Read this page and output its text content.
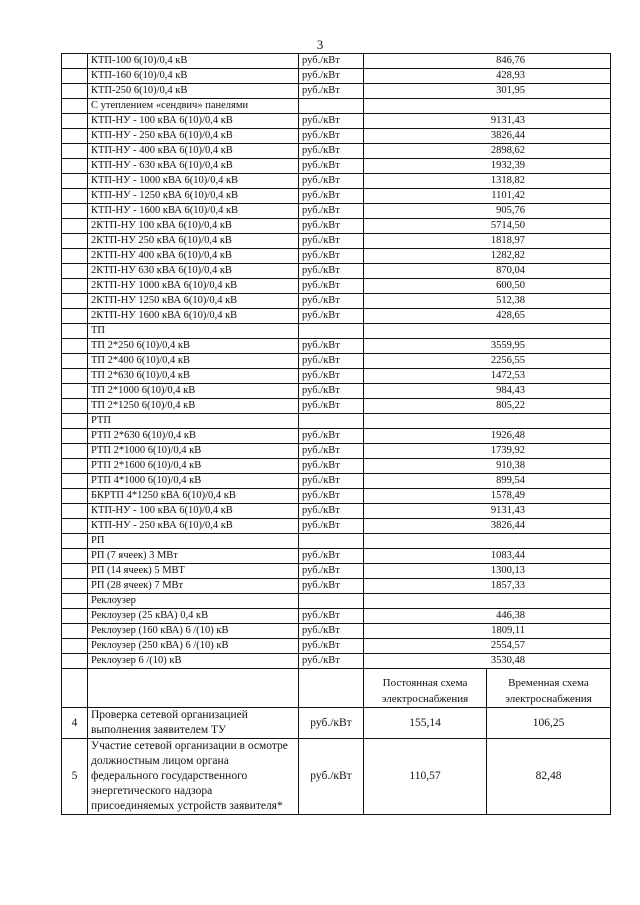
3
	КТП-100 6(10)/0,4 кВ	руб./кВт	846,76	
	КТП-160 6(10)/0,4 кВ	руб./кВт	428,93	
	КТП-250 6(10)/0,4 кВ	руб./кВт	301,95	
	С утеплением «сендвич» панелями			
	КТП-НУ - 100 кВА 6(10)/0,4 кВ	руб./кВт	9131,43	
	КТП-НУ - 250 кВА 6(10)/0,4 кВ	руб./кВт	3826,44	
	КТП-НУ - 400 кВА 6(10)/0,4 кВ	руб./кВт	2898,62	
	КТП-НУ - 630 кВА 6(10)/0,4 кВ	руб./кВт	1932,39	
	КТП-НУ - 1000 кВА 6(10)/0,4 кВ	руб./кВт	1318,82	
	КТП-НУ - 1250 кВА 6(10)/0,4 кВ	руб./кВт	1101,42	
	КТП-НУ - 1600 кВА 6(10)/0,4 кВ	руб./кВт	905,76	
	2КТП-НУ 100 кВА 6(10)/0,4 кВ	руб./кВт	5714,50	
	2КТП-НУ 250 кВА 6(10)/0,4 кВ	руб./кВт	1818,97	
	2КТП-НУ 400 кВА 6(10)/0,4 кВ	руб./кВт	1282,82	
	2КТП-НУ 630 кВА 6(10)/0,4 кВ	руб./кВт	870,04	
	2КТП-НУ 1000 кВА 6(10)/0,4 кВ	руб./кВт	600,50	
	2КТП-НУ 1250 кВА 6(10)/0,4 кВ	руб./кВт	512,38	
	2КТП-НУ 1600 кВА 6(10)/0,4 кВ	руб./кВт	428,65	
	ТП			
	ТП 2*250 6(10)/0,4 кВ	руб./кВт	3559,95	
	ТП 2*400 6(10)/0,4 кВ	руб./кВт	2256,55	
	ТП 2*630 6(10)/0,4 кВ	руб./кВт	1472,53	
	ТП 2*1000 6(10)/0,4 кВ	руб./кВт	984,43	
	ТП 2*1250 6(10)/0,4 кВ	руб./кВт	805,22	
	РТП			
	РТП 2*630 6(10)/0,4 кВ	руб./кВт	1926,48	
	РТП 2*1000 6(10)/0,4 кВ	руб./кВт	1739,92	
	РТП 2*1600 6(10)/0,4 кВ	руб./кВт	910,38	
	РТП 4*1000 6(10)/0,4 кВ	руб./кВт	899,54	
	БКРТП 4*1250 кВА 6(10)/0,4 кВ	руб./кВт	1578,49	
	КТП-НУ - 100 кВА 6(10)/0,4 кВ	руб./кВт	9131,43	
	КТП-НУ - 250 кВА 6(10)/0,4 кВ	руб./кВт	3826,44	
	РП			
	РП (7 ячеек) 3 МВт	руб./кВт	1083,44	
	РП (14 ячеек) 5 МВТ	руб./кВт	1300,13	
	РП (28 ячеек) 7 МВт	руб./кВт	1857,33	
	Реклоузер			
	Реклоузер (25 кВА) 0,4 кВ	руб./кВт	446,38	
	Реклоузер (160 кВА) 6 /(10) кВ	руб./кВт	1809,11	
	Реклоузер (250 кВА) 6 /(10) кВ	руб./кВт	2554,57	
	Реклоузер 6 /(10) кВ	руб./кВт	3530,48	
			Постоянная схема электроснабжения	Временная схема электроснабжения
4	Проверка сетевой организацией выполнения заявителем ТУ	руб./кВт	155,14	106,25
5	Участие сетевой организации в осмотре должностным лицом органа федерального государственного энергетического надзора присоединяемых устройств заявителя*	руб./кВт	110,57	82,48
